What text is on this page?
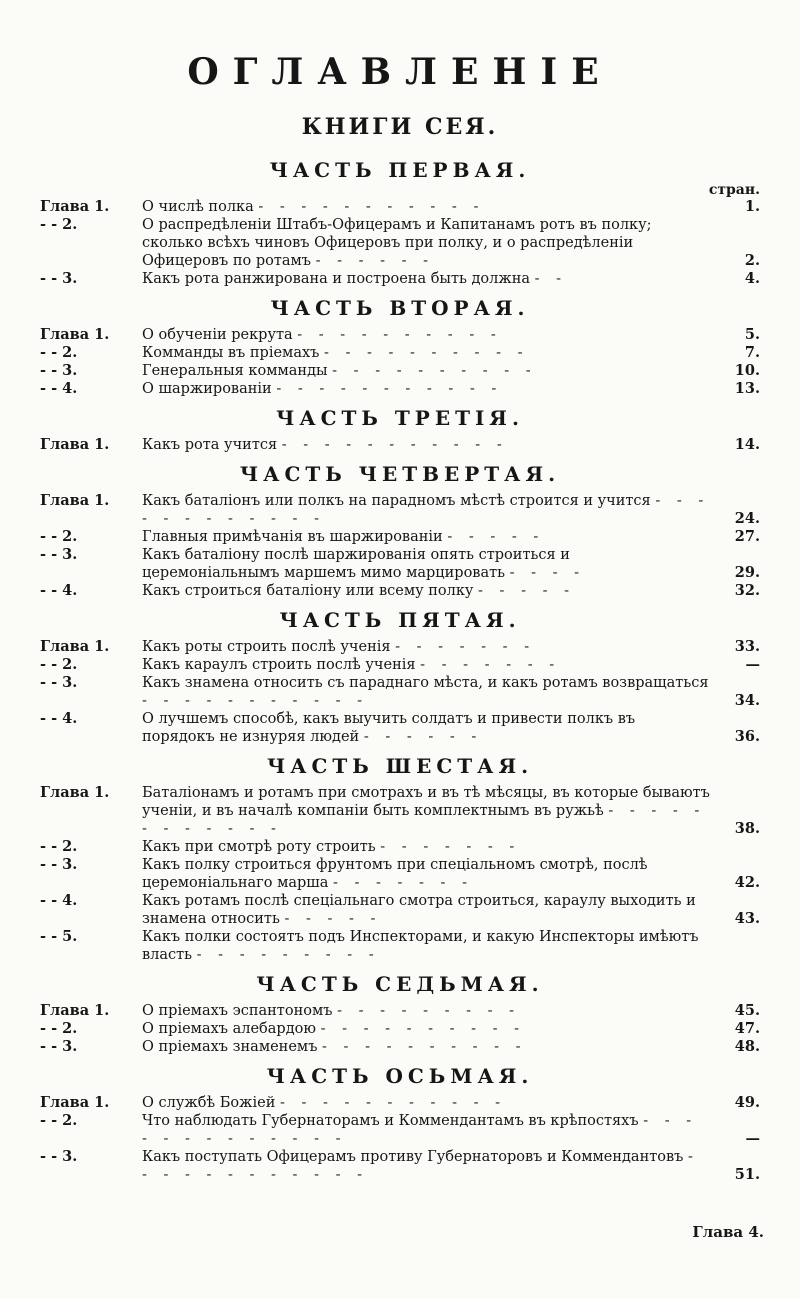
ОГЛАВЛЕНІЕ
КНИГИ СЕЯ.
ЧАСТЬ ПЕРВАЯ.
стран.
Глава 1.	О числѣ полка - - - - - - - - - - -	1.
- - 2.	О распредѣленіи Штабъ-Офицерамъ и Капитанамъ ротъ въ полку; сколько всѣхъ чиновъ Офицеровъ при полку, и о распредѣленіи Офицеровъ по ротамъ - - - - - -	2.
- - 3.	Какъ рота ранжирована и построена быть должна - -	4.
ЧАСТЬ ВТОРАЯ.
Глава 1.	О обученіи рекрута - - - - - - - - - -	5.
- - 2.	Комманды въ пріемахъ - - - - - - - - - -	7.
- - 3.	Генеральныя комманды - - - - - - - - - -	10.
- - 4.	О шаржированіи - - - - - - - - - - -	13.
ЧАСТЬ ТРЕТІЯ.
Глава 1.	Какъ рота учится - - - - - - - - - - -	14.
ЧАСТЬ ЧЕТВЕРТАЯ.
Глава 1.	Какъ баталіонъ или полкъ на парадномъ мѣстѣ строится и учится - - - - - - - - - - - -	24.
- - 2.	Главныя примѣчанія въ шаржированіи - - - - -	27.
- - 3.	Какъ баталіону послѣ шаржированія опять строиться и церемоніальнымъ маршемъ мимо марцировать - - - -	29.
- - 4.	Какъ строиться баталіону или всему полку - - - - -	32.
ЧАСТЬ ПЯТАЯ.
Глава 1.	Какъ роты строить послѣ ученія - - - - - - -	33.
- - 2.	Какъ караулъ строить послѣ ученія - - - - - - -	—
- - 3.	Какъ знамена относить съ параднаго мѣста, и какъ ротамъ возвращаться - - - - - - - - - - -	34.
- - 4.	О лучшемъ способѣ, какъ выучить солдатъ и привести полкъ въ порядокъ не изнуряя людей - - - - - -	36.
ЧАСТЬ ШЕСТАЯ.
Глава 1.	Баталіонамъ и ротамъ при смотрахъ и въ тѣ мѣсяцы, въ которые бываютъ ученіи, и въ началѣ компаніи быть комплектнымъ въ ружьѣ - - - - - - - - - - - -	38.
- - 2.	Какъ при смотрѣ роту строить - - - - - - -
- - 3.	Какъ полку строиться фрунтомъ при спеціальномъ смотрѣ, послѣ церемоніальнаго марша - - - - - - -	42.
- - 4.	Какъ ротамъ послѣ спеціальнаго смотра строиться, караулу выходить и знамена относить - - - - -	43.
- - 5.	Какъ полки состоятъ подъ Инспекторами, и какую Инспекторы имѣютъ власть - - - - - - - - -
ЧАСТЬ СЕДЬМАЯ.
Глава 1.	О пріемахъ эспантономъ - - - - - - - - -	45.
- - 2.	О пріемахъ алебардою - - - - - - - - - -	47.
- - 3.	О пріемахъ знаменемъ - - - - - - - - - -	48.
ЧАСТЬ ОСЬМАЯ.
Глава 1.	О службѣ Божіей - - - - - - - - - - -	49.
- - 2.	Что наблюдать Губернаторамъ и Коммендантамъ въ крѣпостяхъ - - - - - - - - - - - - -	—
- - 3.	Какъ поступать Офицерамъ противу Губернаторовъ и Коммендантовъ - - - - - - - - - - - -	51.
Глава 4.
